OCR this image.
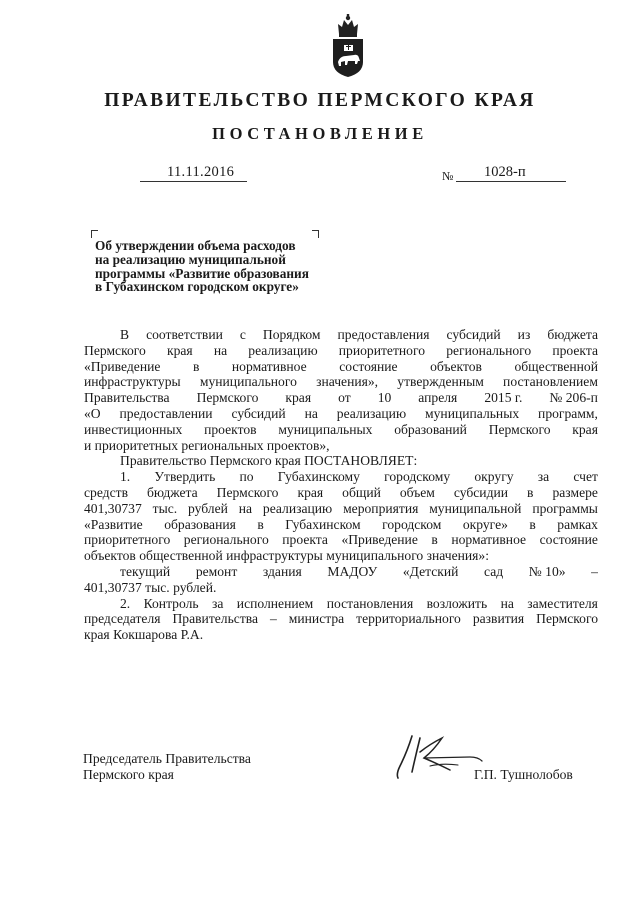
ПРАВИТЕЛЬСТВО ПЕРМСКОГО КРАЯ
ПОСТАНОВЛЕНИЕ
11.11.2016	№ 1028-п
Об утверждении объема расходов
на реализацию муниципальной
программы «Развитие образования
в Губахинском городском округе»

В соответствии с Порядком предоставления субсидий из бюджета
Пермского края на реализацию приоритетного регионального проекта
«Приведение в нормативное состояние объектов общественной
инфраструктуры муниципального значения», утвержденным постановлением
Правительства Пермского края от 10 апреля 2015 г. № 206-п
«О предоставлении субсидий на реализацию муниципальных программ,
инвестиционных проектов муниципальных образований Пермского края
и приоритетных региональных проектов»,

Правительство Пермского края ПОСТАНОВЛЯЕТ:

1. Утвердить по Губахинскому городскому округу за счет
средств бюджета Пермского края общий объем субсидии в размере
401,30737 тыс. рублей на реализацию мероприятия муниципальной программы
«Развитие образования в Губахинском городском округе» в рамках
приоритетного регионального проекта «Приведение в нормативное состояние
объектов общественной инфраструктуры муниципального значения»:

текущий ремонт здания МАДОУ «Детский сад № 10» –
401,30737 тыс. рублей.

2. Контроль за исполнением постановления возложить на заместителя
председателя Правительства – министра территориального развития Пермского
края Кокшарова Р.А.

Председатель Правительства
Пермского края	Г.П. Тушнолобов
